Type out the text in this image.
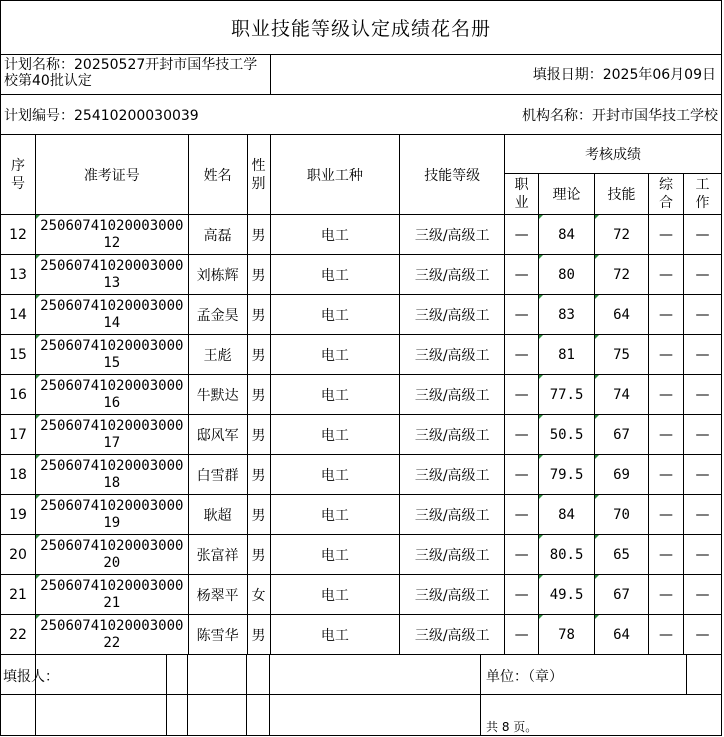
职业技能等级认定成绩花名册
计划名称：20250527开封市国华技工学校第40批认定	填报日期：2025年06月09日
计划编号：25410200030039	机构名称：开封市国华技工学校
序号	准考证号	姓名	性别	职业工种	技能等级	考核成绩				
						职业	理论	技能	综合	工作
12	2506074102000300012	高磊	男	电工	三级/高级工	—	84	72	—	—
13	2506074102000300013	刘栋辉	男	电工	三级/高级工	—	80	72	—	—
14	2506074102000300014	孟金昊	男	电工	三级/高级工	—	83	64	—	—
15	2506074102000300015	王彪	男	电工	三级/高级工	—	81	75	—	—
16	2506074102000300016	牛默达	男	电工	三级/高级工	—	77.5	74	—	—
17	2506074102000300017	邸风军	男	电工	三级/高级工	—	50.5	67	—	—
18	2506074102000300018	白雪群	男	电工	三级/高级工	—	79.5	69	—	—
19	2506074102000300019	耿超	男	电工	三级/高级工	—	84	70	—	—
20	2506074102000300020	张富祥	男	电工	三级/高级工	—	80.5	65	—	—
21	2506074102000300021	杨翠平	女	电工	三级/高级工	—	49.5	67	—	—
22	2506074102000300022	陈雪华	男	电工	三级/高级工	—	78	64	—	—
填报人：	单位：（章）
共 8 页。
